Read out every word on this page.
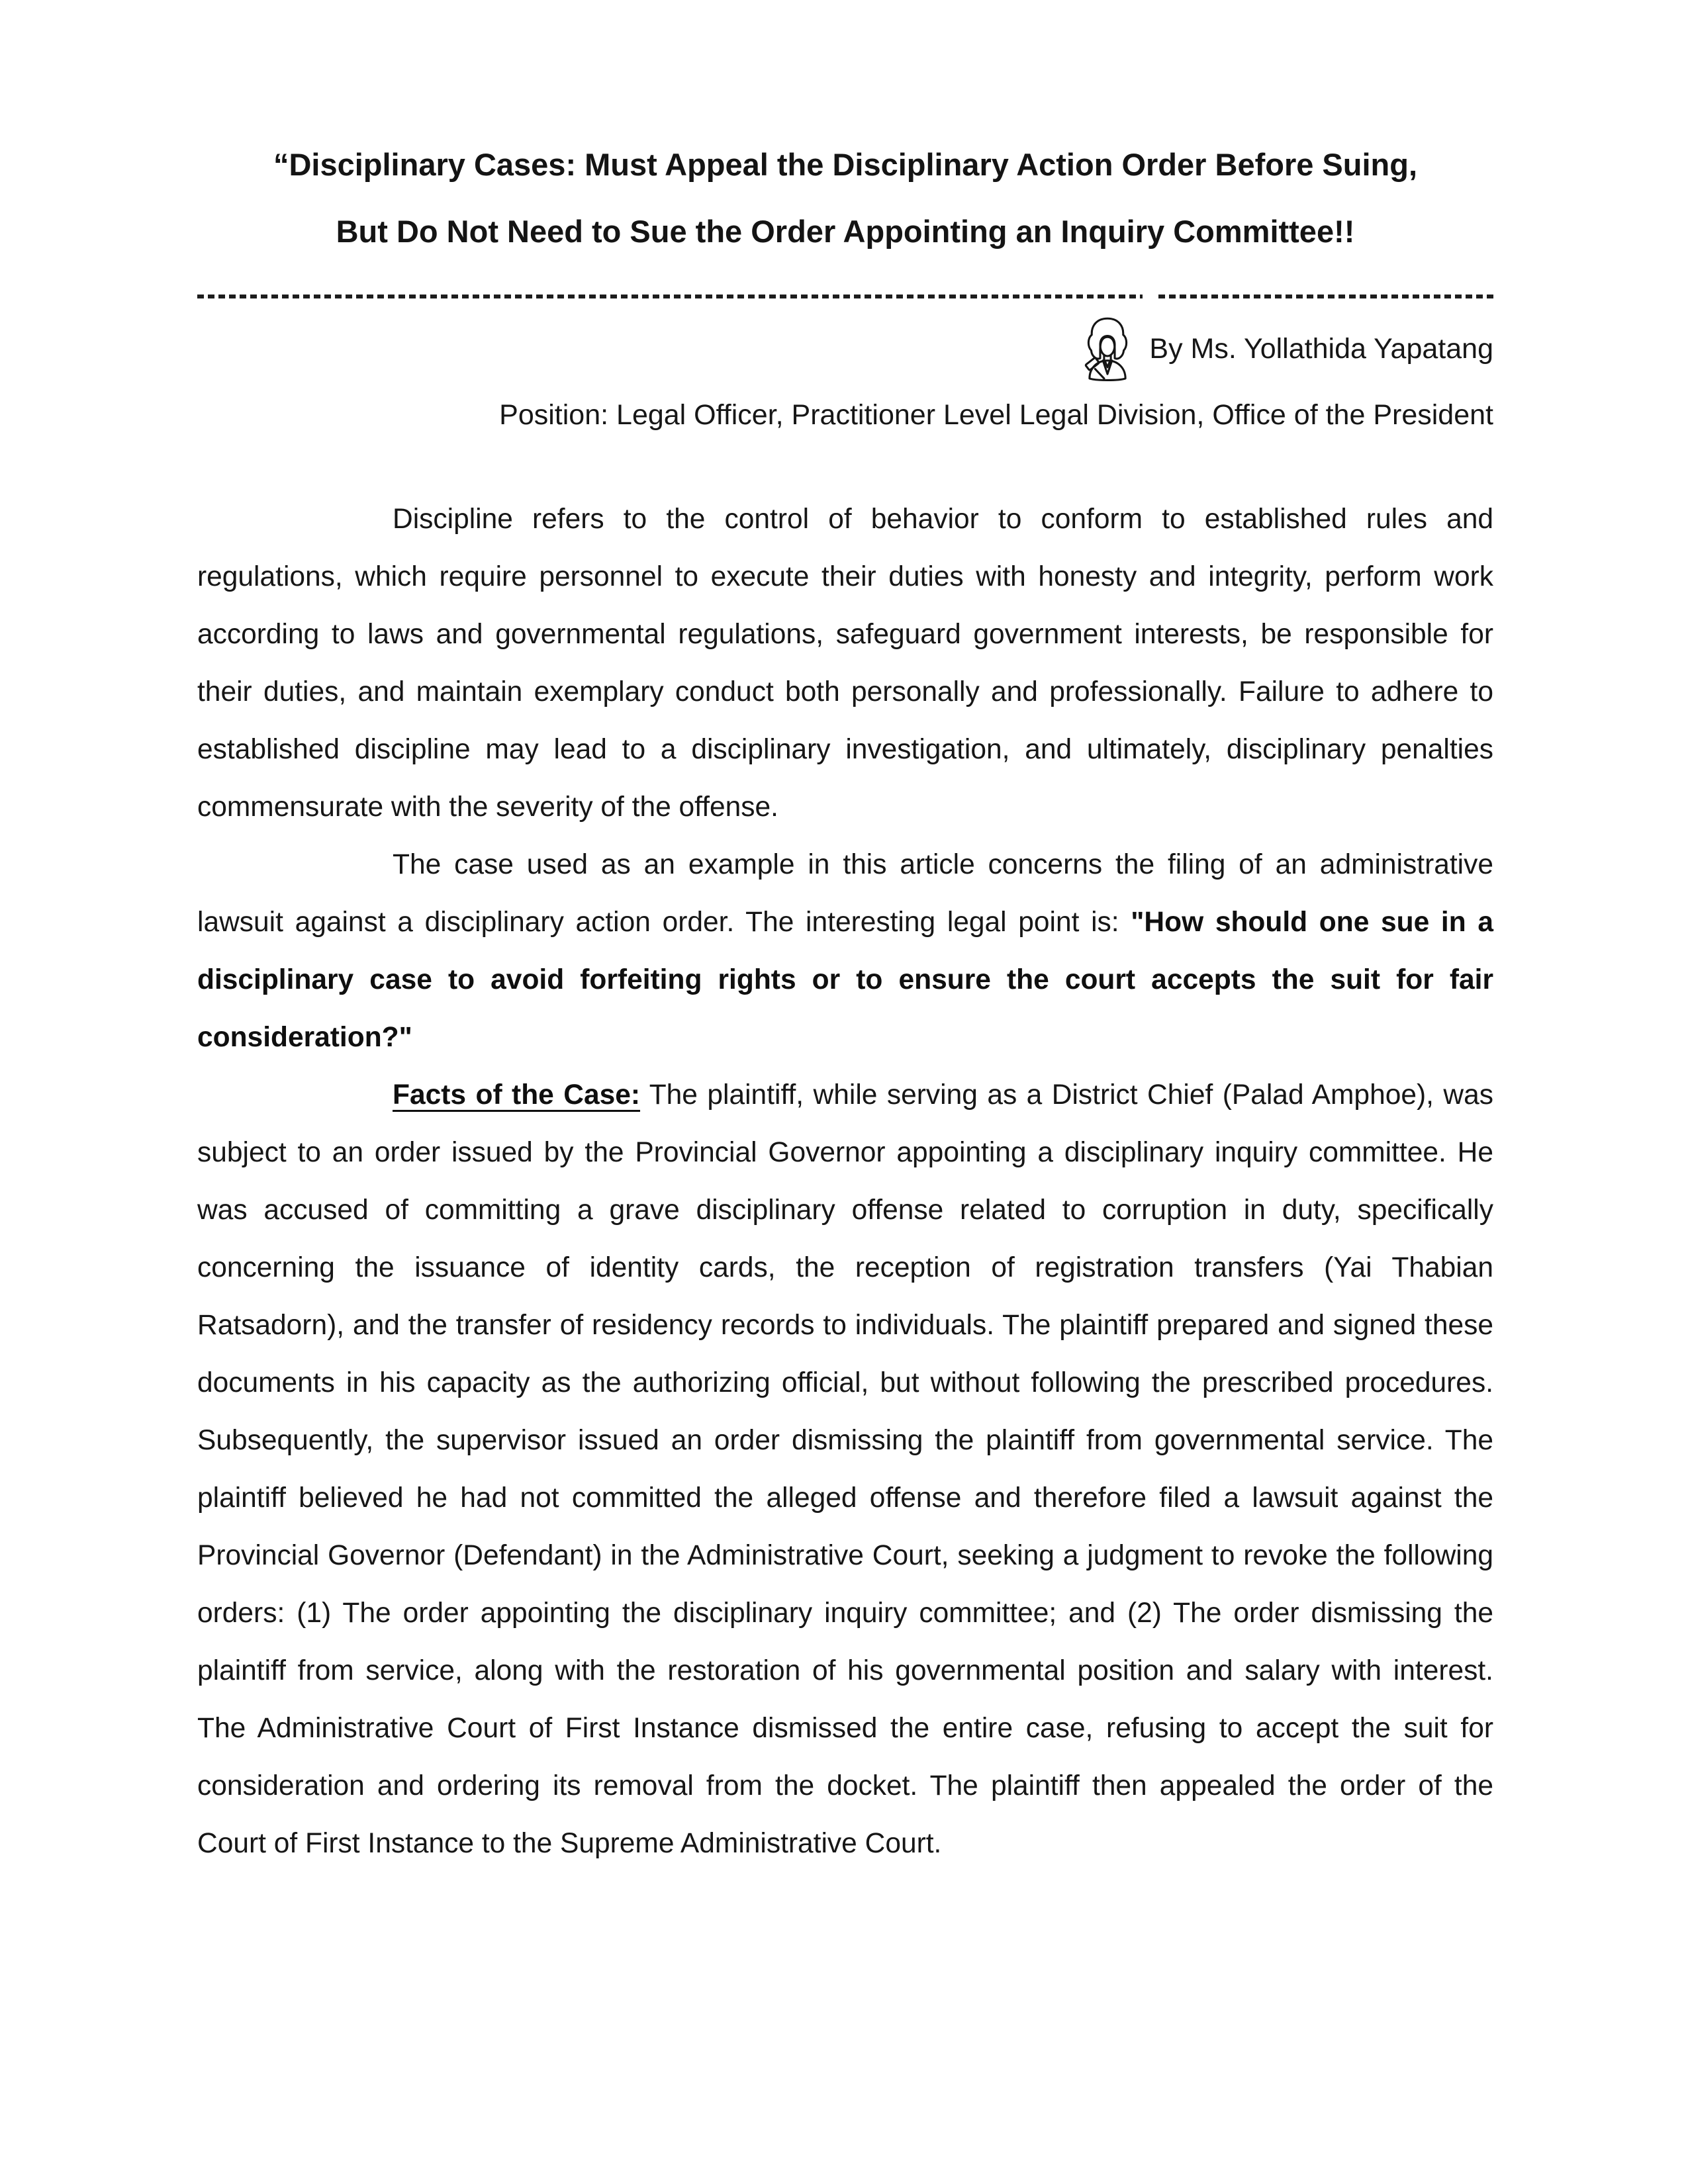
“Disciplinary Cases: Must Appeal the Disciplinary Action Order Before Suing,
But Do Not Need to Sue the Order Appointing an Inquiry Committee!!
By Ms. Yollathida Yapatang
Position: Legal Officer, Practitioner Level Legal Division, Office of the President

Discipline refers to the control of behavior to conform to established rules and regulations, which require personnel to execute their duties with honesty and integrity, perform work according to laws and governmental regulations, safeguard government interests, be responsible for their duties, and maintain exemplary conduct both personally and professionally. Failure to adhere to established discipline may lead to a disciplinary investigation, and ultimately, disciplinary penalties commensurate with the severity of the offense.

The case used as an example in this article concerns the filing of an administrative lawsuit against a disciplinary action order. The interesting legal point is: "How should one sue in a disciplinary case to avoid forfeiting rights or to ensure the court accepts the suit for fair consideration?"

Facts of the Case: The plaintiff, while serving as a District Chief (Palad Amphoe), was subject to an order issued by the Provincial Governor appointing a disciplinary inquiry committee. He was accused of committing a grave disciplinary offense related to corruption in duty, specifically concerning the issuance of identity cards, the reception of registration transfers (Yai Thabian Ratsadorn), and the transfer of residency records to individuals. The plaintiff prepared and signed these documents in his capacity as the authorizing official, but without following the prescribed procedures. Subsequently, the supervisor issued an order dismissing the plaintiff from governmental service. The plaintiff believed he had not committed the alleged offense and therefore filed a lawsuit against the Provincial Governor (Defendant) in the Administrative Court, seeking a judgment to revoke the following orders: (1) The order appointing the disciplinary inquiry committee; and (2) The order dismissing the plaintiff from service, along with the restoration of his governmental position and salary with interest. The Administrative Court of First Instance dismissed the entire case, refusing to accept the suit for consideration and ordering its removal from the docket. The plaintiff then appealed the order of the Court of First Instance to the Supreme Administrative Court.
